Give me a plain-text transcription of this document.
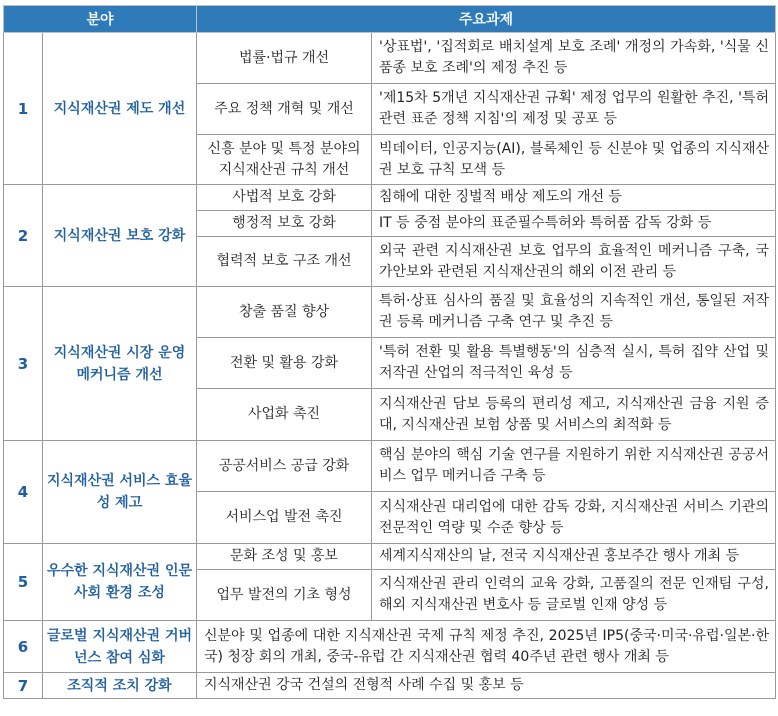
분야		주요과제	
1	지식재산권 제도 개선	법률·법규 개선	'상표법', '집적회로 배치설계 보호 조례' 개정의 가속화, '식물 신품종 보호 조례'의 제정 추진 등
		주요 정책 개혁 및 개선	'제15차 5개년 지식재산권 규획' 제정 업무의 원활한 추진, '특허 관련 표준 정책 지침'의 제정 및 공포 등
		신흥 분야 및 특정 분야의 지식재산권 규칙 개선	빅데이터, 인공지능(AI), 블록체인 등 신분야 및 업종의 지식재산권 보호 규칙 모색 등
2	지식재산권 보호 강화	사법적 보호 강화	침해에 대한 징벌적 배상 제도의 개선 등
		행정적 보호 강화	IT 등 중점 분야의 표준필수특허와 특허품 감독 강화 등
		협력적 보호 구조 개선	외국 관련 지식재산권 보호 업무의 효율적인 메커니즘 구축, 국가안보와 관련된 지식재산권의 해외 이전 관리 등
3	지식재산권 시장 운영 메커니즘 개선	창출 품질 향상	특허·상표 심사의 품질 및 효율성의 지속적인 개선, 통일된 저작권 등록 메커니즘 구축 연구 및 추진 등
		전환 및 활용 강화	'특허 전환 및 활용 특별행동'의 심층적 실시, 특허 집약 산업 및 저작권 산업의 적극적인 육성 등
		사업화 촉진	지식재산권 담보 등록의 편리성 제고, 지식재산권 금융 지원 증대, 지식재산권 보험 상품 및 서비스의 최적화 등
4	지식재산권 서비스 효율성 제고	공공서비스 공급 강화	핵심 분야의 핵심 기술 연구를 지원하기 위한 지식재산권 공공서비스 업무 메커니즘 구축 등
		서비스업 발전 촉진	지식재산권 대리업에 대한 감독 강화, 지식재산권 서비스 기관의 전문적인 역량 및 수준 향상 등
5	우수한 지식재산권 인문 사회 환경 조성	문화 조성 및 홍보	세계지식재산의 날, 전국 지식재산권 홍보주간 행사 개최 등
		업무 발전의 기초 형성	지식재산권 관리 인력의 교육 강화, 고품질의 전문 인재팀 구성, 해외 지식재산권 변호사 등 글로벌 인재 양성 등
6	글로벌 지식재산권 거버넌스 참여 심화	신분야 및 업종에 대한 지식재산권 국제 규칙 제정 추진, 2025년 IP5(중국·미국·유럽·일본·한국) 청장 회의 개최, 중국-유럽 간 지식재산권 협력 40주년 관련 행사 개최 등	
7	조직적 조치 강화	지식재산권 강국 건설의 전형적 사례 수집 및 홍보 등	
